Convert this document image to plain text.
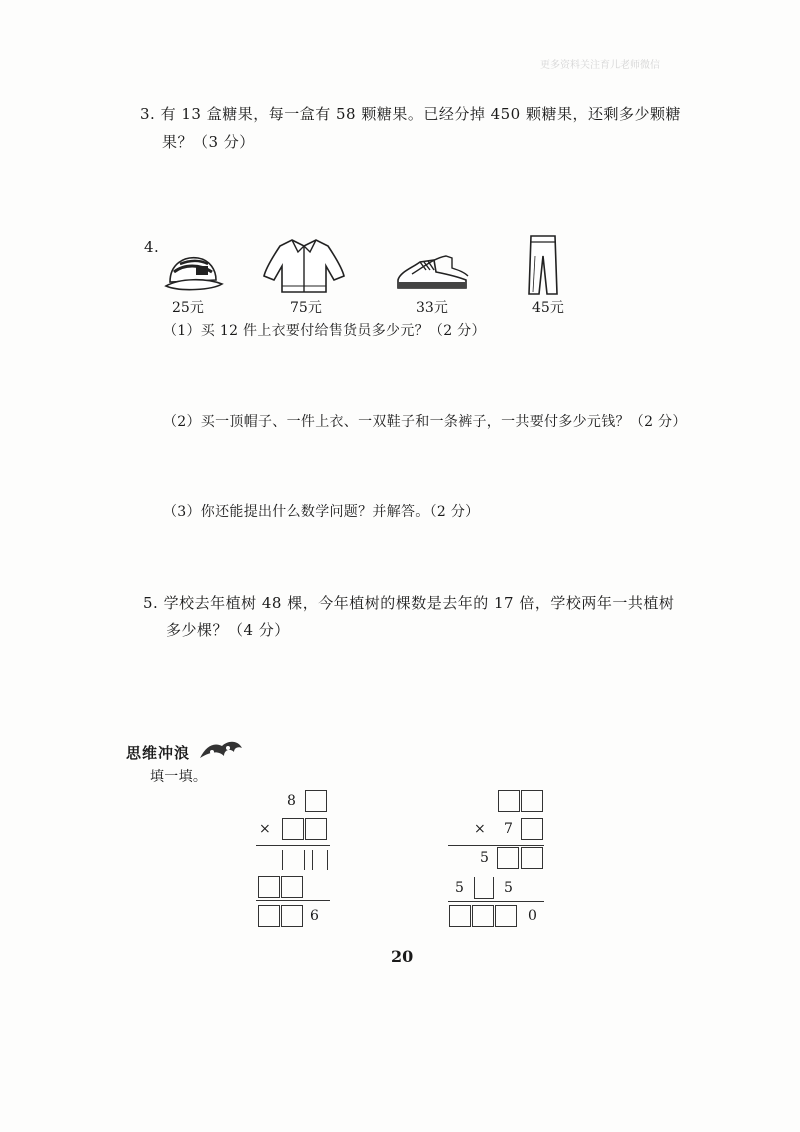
更多资料关注育儿老师微信
3. 有 13 盒糖果，每一盒有 58 颗糖果。已经分掉 450 颗糖果，还剩多少颗糖
果？（3 分）
4.
25元	75元	33元	45元
（1）买 12 件上衣要付给售货员多少元？（2 分）
（2）买一顶帽子、一件上衣、一双鞋子和一条裤子，一共要付多少元钱？（2 分）
（3）你还能提出什么数学问题？并解答。（2 分）
5. 学校去年植树 48 棵，今年植树的棵数是去年的 17 倍，学校两年一共植树
多少棵？（4 分）
思维冲浪
填一填。
8
×
6
× 7
5
5	5
0
20
